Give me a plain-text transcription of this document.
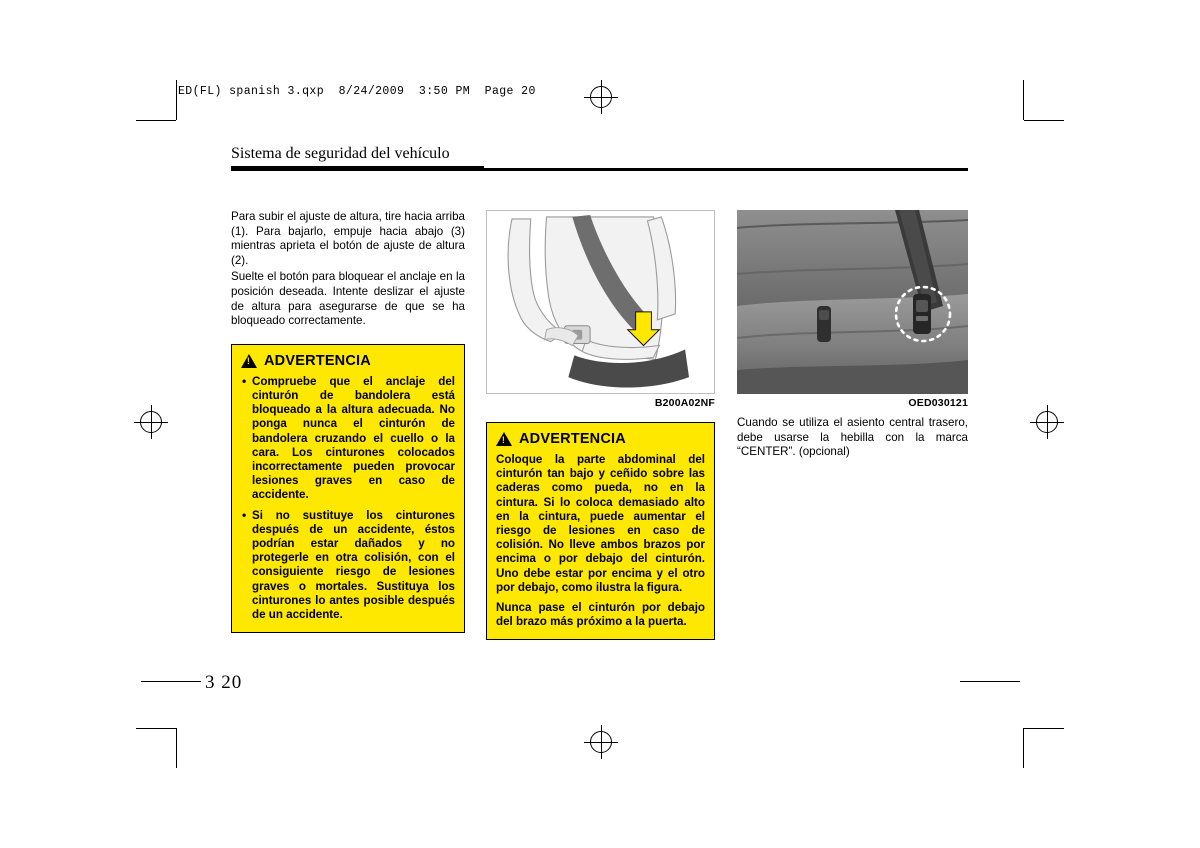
ED(FL) spanish 3.qxp  8/24/2009  3:50 PM  Page 20
Sistema de seguridad del vehículo

Para subir el ajuste de altura, tire hacia arriba (1). Para bajarlo, empuje hacia abajo (3) mientras aprieta el botón de ajuste de altura (2).

Suelte el botón para bloquear el anclaje en la posición deseada. Intente deslizar el ajuste de altura para asegurarse de que se ha bloqueado correctamente.

! ADVERTENCIA
• Compruebe que el anclaje del cinturón de bandolera está bloqueado a la altura adecuada. No ponga nunca el cinturón de bandolera cruzando el cuello o la cara. Los cinturones colocados incorrectamente pueden provocar lesiones graves en caso de accidente.
• Si no sustituye los cinturones después de un accidente, éstos podrían estar dañados y no protegerle en otra colisión, con el consiguiente riesgo de lesiones graves o mortales. Sustituya los cinturones lo antes posible después de un accidente.
B200A02NF
! ADVERTENCIA

Coloque la parte abdominal del cinturón tan bajo y ceñido sobre las caderas como pueda, no en la cintura. Si lo coloca demasiado alto en la cintura, puede aumentar el riesgo de lesiones en caso de colisión. No lleve ambos brazos por encima o por debajo del cinturón. Uno debe estar por encima y el otro por debajo, como ilustra la figura.

Nunca pase el cinturón por debajo del brazo más próximo a la puerta.

OED030121
Cuando se utiliza el asiento central trasero, debe usarse la hebilla con la marca “CENTER”. (opcional)
3 20
